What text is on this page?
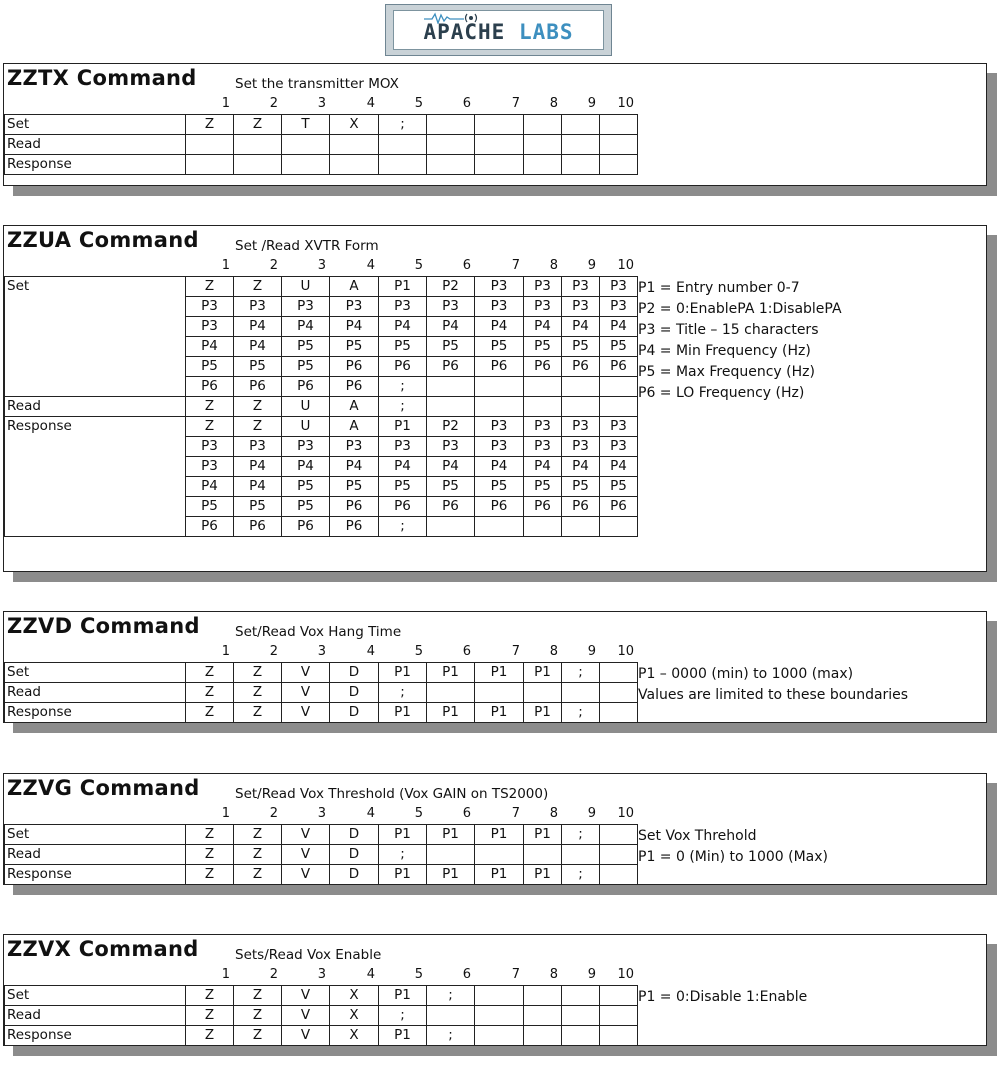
APACHE LABS
ZZTX Command	Set the transmitter MOX
1	2	3	4	5	6	7	8	9	10
Set	Z	Z	T	X	;					
Read										
Response										
ZZUA Command	Set /Read XVTR Form
1	2	3	4	5	6	7	8	9	10
Set	Z	Z	U	A	P1	P2	P3	P3	P3	P3
	P3	P3	P3	P3	P3	P3	P3	P3	P3	P3
	P3	P4	P4	P4	P4	P4	P4	P4	P4	P4
	P4	P4	P5	P5	P5	P5	P5	P5	P5	P5
	P5	P5	P5	P6	P6	P6	P6	P6	P6	P6
	P6	P6	P6	P6	;					
Read	Z	Z	U	A	;					
Response	Z	Z	U	A	P1	P2	P3	P3	P3	P3
	P3	P3	P3	P3	P3	P3	P3	P3	P3	P3
	P3	P4	P4	P4	P4	P4	P4	P4	P4	P4
	P4	P4	P5	P5	P5	P5	P5	P5	P5	P5
	P5	P5	P5	P6	P6	P6	P6	P6	P6	P6
	P6	P6	P6	P6	;					
P1 = Entry number 0-7
P2 = 0:EnablePA 1:DisablePA
P3 = Title – 15 characters
P4 = Min Frequency (Hz)
P5 = Max Frequency (Hz)
P6 = LO Frequency (Hz)
ZZVD Command	Set/Read Vox Hang Time
1	2	3	4	5	6	7	8	9	10
Set	Z	Z	V	D	P1	P1	P1	P1	;	
Read	Z	Z	V	D	;					
Response	Z	Z	V	D	P1	P1	P1	P1	;	
P1 – 0000 (min) to 1000 (max)
Values are limited to these boundaries
ZZVG Command	Set/Read Vox Threshold (Vox GAIN on TS2000)
1	2	3	4	5	6	7	8	9	10
Set	Z	Z	V	D	P1	P1	P1	P1	;	
Read	Z	Z	V	D	;					
Response	Z	Z	V	D	P1	P1	P1	P1	;	
Set Vox Threhold
P1 = 0 (Min) to 1000 (Max)
ZZVX Command	Sets/Read Vox Enable
1	2	3	4	5	6	7	8	9	10
Set	Z	Z	V	X	P1	;				
Read	Z	Z	V	X	;					
Response	Z	Z	V	X	P1	;				
P1 = 0:Disable 1:Enable
